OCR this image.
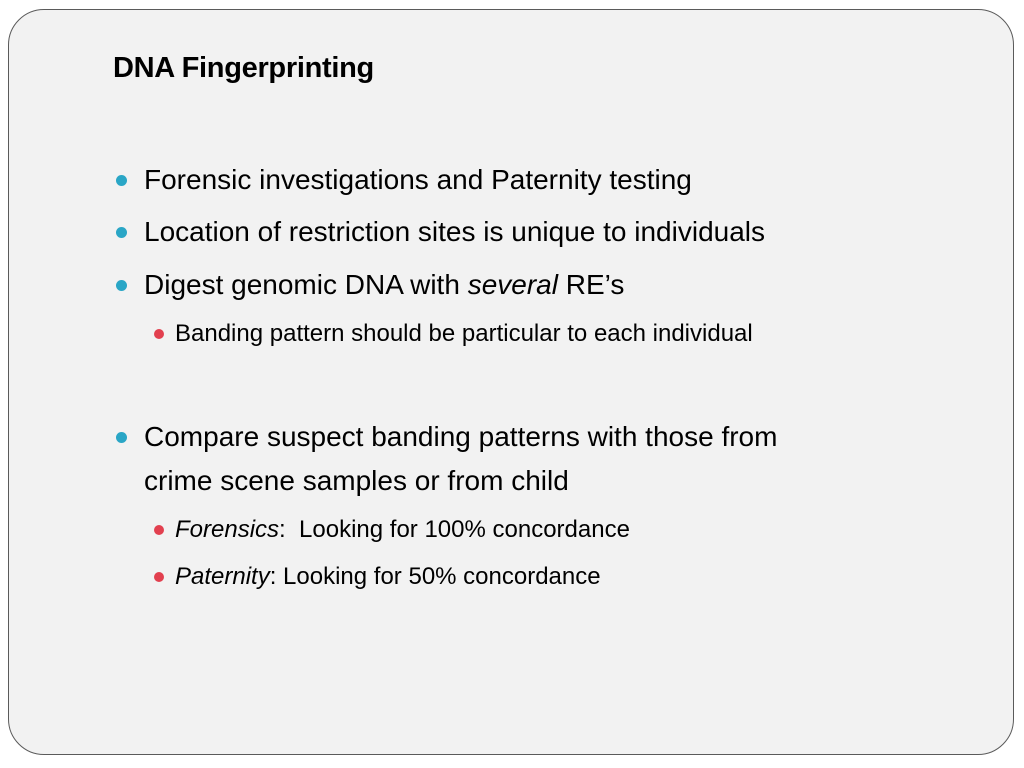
DNA Fingerprinting
Forensic investigations and Paternity testing
Location of restriction sites is unique to individuals
Digest genomic DNA with several RE’s
Banding pattern should be particular to each individual
Compare suspect banding patterns with those from
crime scene samples or from child
Forensics:  Looking for 100% concordance
Paternity: Looking for 50% concordance
